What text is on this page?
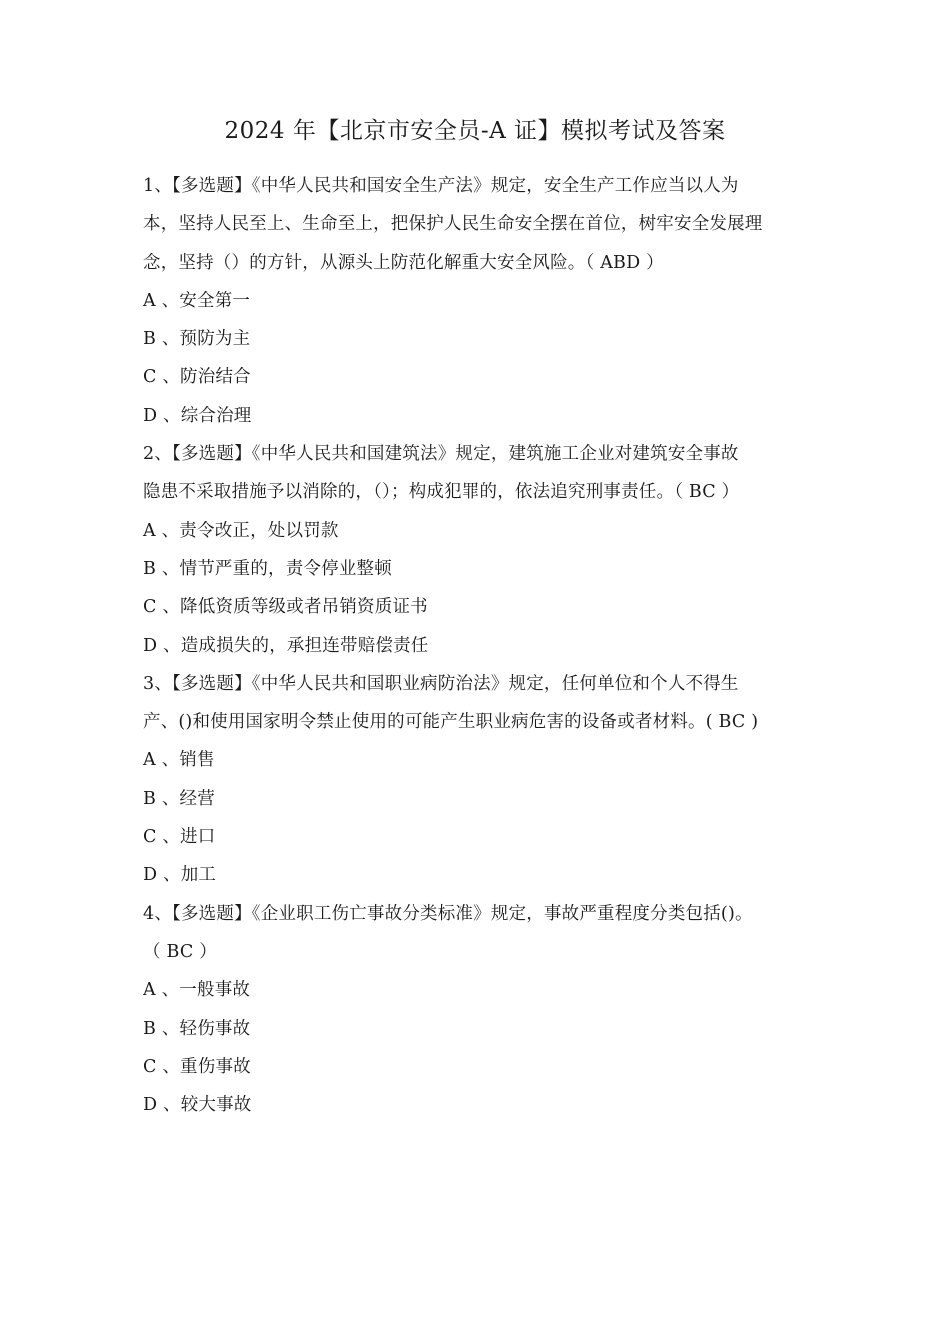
2024 年【北京市安全员-A 证】模拟考试及答案
1、【多选题】《中华人民共和国安全生产法》规定，安全生产工作应当以人为
本，坚持人民至上、生命至上，把保护人民生命安全摆在首位，树牢安全发展理
念，坚持（）的方针，从源头上防范化解重大安全风险。（ ABD ）
A 、安全第一
B 、预防为主
C 、防治结合
D 、综合治理
2、【多选题】《中华人民共和国建筑法》规定，建筑施工企业对建筑安全事故
隐患不采取措施予以消除的，（）；构成犯罪的，依法追究刑事责任。（ BC ）
A 、责令改正，处以罚款
B 、情节严重的，责令停业整顿
C 、降低资质等级或者吊销资质证书
D 、造成损失的，承担连带赔偿责任
3、【多选题】《中华人民共和国职业病防治法》规定，任何单位和个人不得生
产、()和使用国家明令禁止使用的可能产生职业病危害的设备或者材料。( BC )
A 、销售
B 、经营
C 、进口
D 、加工
4、【多选题】《企业职工伤亡事故分类标准》规定，事故严重程度分类包括()。
（ BC ）
A 、一般事故
B 、轻伤事故
C 、重伤事故
D 、较大事故
